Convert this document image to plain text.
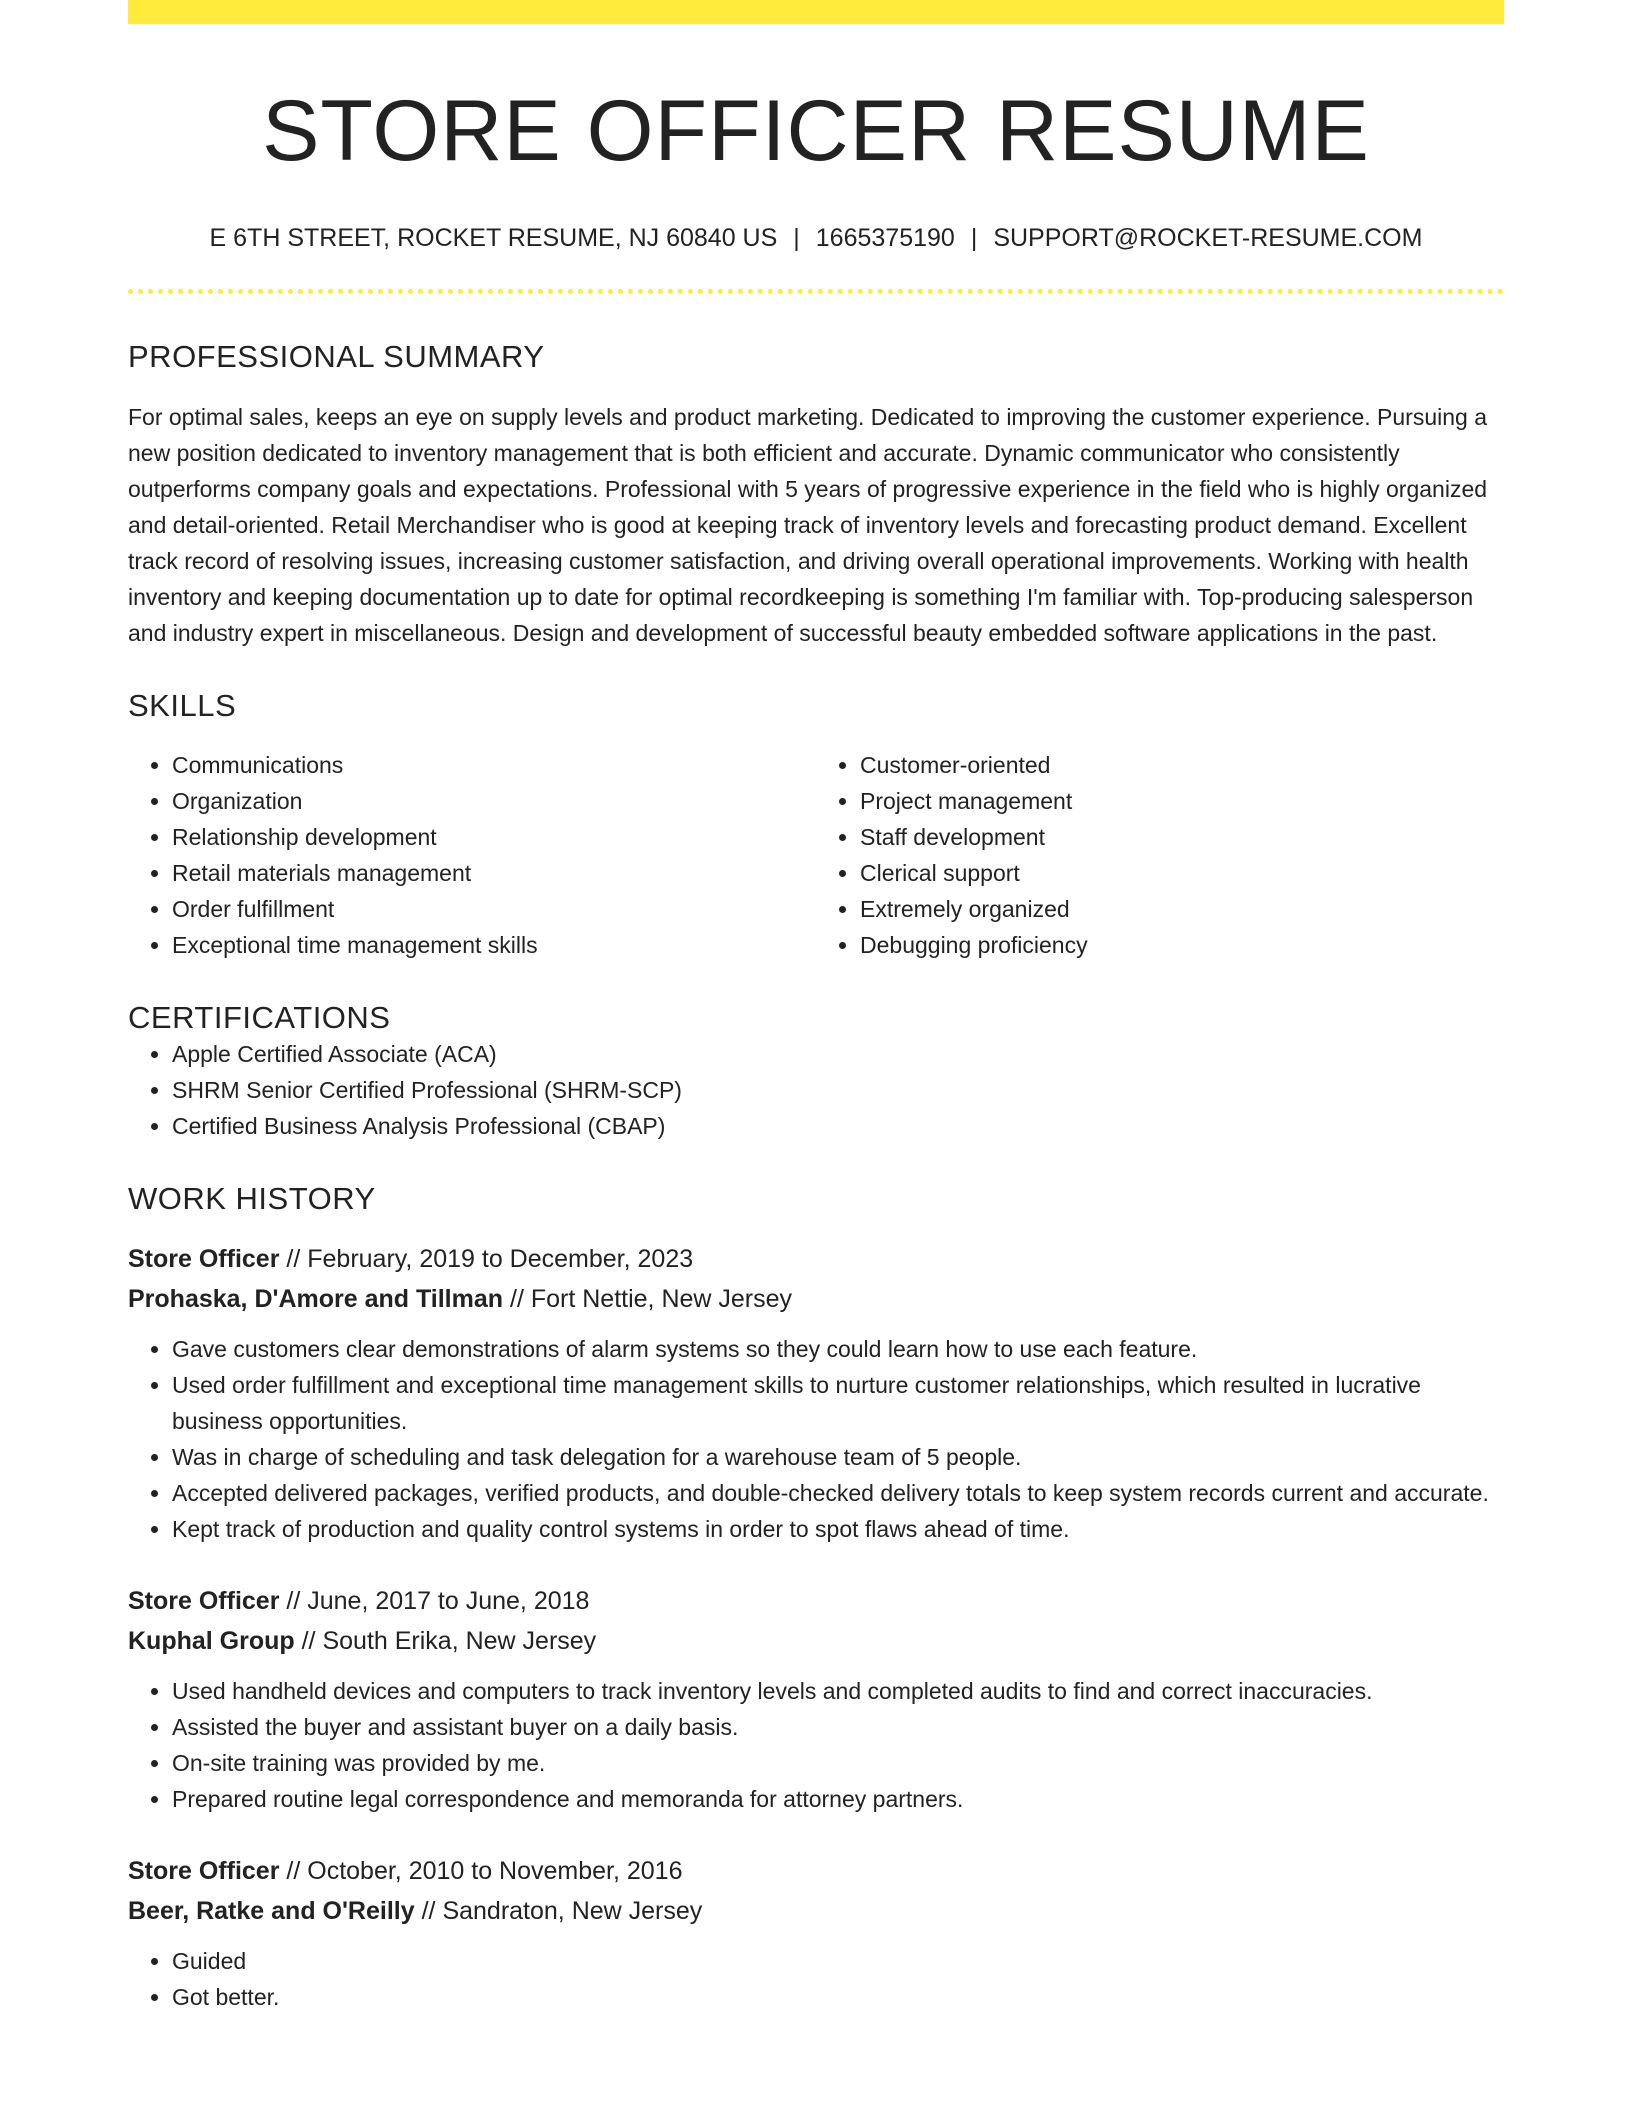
STORE OFFICER RESUME
E 6TH STREET, ROCKET RESUME, NJ 60840 US | 1665375190 | SUPPORT@ROCKET-RESUME.COM
PROFESSIONAL SUMMARY

For optimal sales, keeps an eye on supply levels and product marketing. Dedicated to improving the customer experience. Pursuing a new position dedicated to inventory management that is both efficient and accurate. Dynamic communicator who consistently outperforms company goals and expectations. Professional with 5 years of progressive experience in the field who is highly organized and detail-oriented. Retail Merchandiser who is good at keeping track of inventory levels and forecasting product demand. Excellent track record of resolving issues, increasing customer satisfaction, and driving overall operational improvements. Working with health inventory and keeping documentation up to date for optimal recordkeeping is something I'm familiar with. Top-producing salesperson and industry expert in miscellaneous. Design and development of successful beauty embedded software applications in the past.

SKILLS
• Communications
• Organization
• Relationship development
• Retail materials management
• Order fulfillment
• Exceptional time management skills
• Customer-oriented
• Project management
• Staff development
• Clerical support
• Extremely organized
• Debugging proficiency
CERTIFICATIONS
• Apple Certified Associate (ACA)
• SHRM Senior Certified Professional (SHRM-SCP)
• Certified Business Analysis Professional (CBAP)
WORK HISTORY
Store Officer // February, 2019 to December, 2023
Prohaska, D'Amore and Tillman // Fort Nettie, New Jersey
• Gave customers clear demonstrations of alarm systems so they could learn how to use each feature.
• Used order fulfillment and exceptional time management skills to nurture customer relationships, which resulted in lucrative business opportunities.
• Was in charge of scheduling and task delegation for a warehouse team of 5 people.
• Accepted delivered packages, verified products, and double-checked delivery totals to keep system records current and accurate.
• Kept track of production and quality control systems in order to spot flaws ahead of time.
Store Officer // June, 2017 to June, 2018
Kuphal Group // South Erika, New Jersey
• Used handheld devices and computers to track inventory levels and completed audits to find and correct inaccuracies.
• Assisted the buyer and assistant buyer on a daily basis.
• On-site training was provided by me.
• Prepared routine legal correspondence and memoranda for attorney partners.
Store Officer // October, 2010 to November, 2016
Beer, Ratke and O'Reilly // Sandraton, New Jersey
• Guided
• Got better.
